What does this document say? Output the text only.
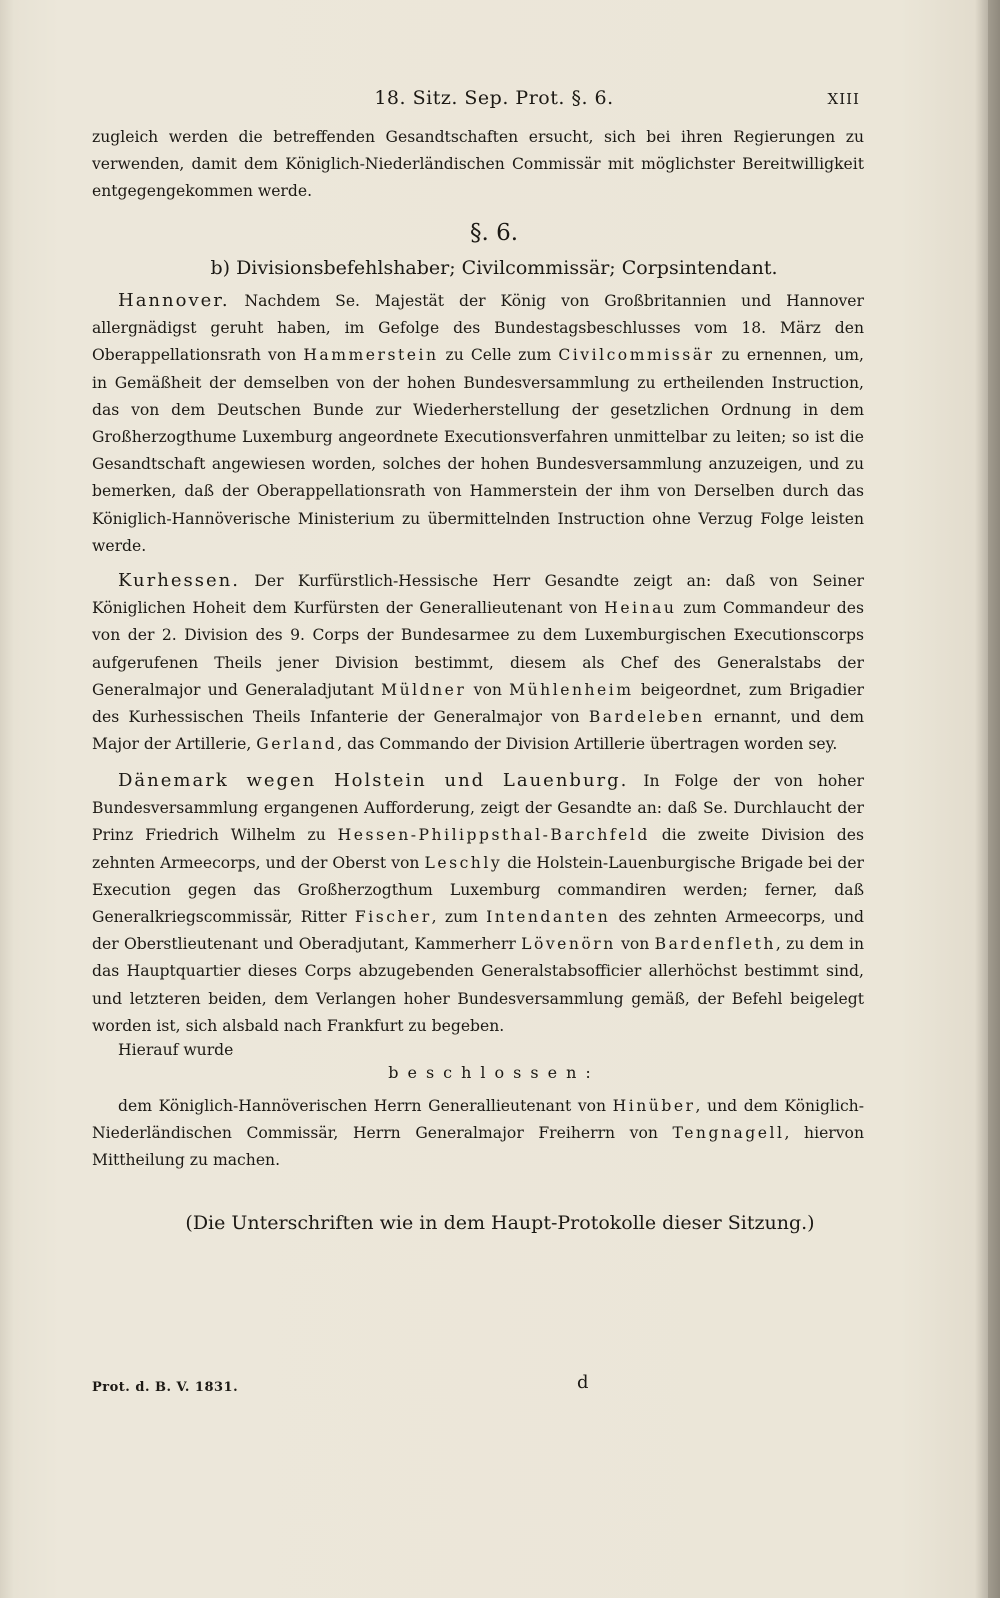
18. Sitz. Sep. Prot. §. 6.	XIII

zugleich werden die betreffenden Gesandtschaften ersucht, sich bei ihren Regierungen zu verwenden, damit dem Königlich-Niederländischen Commissär mit möglichster Bereitwilligkeit entgegengekommen werde.

§. 6.
b) Divisionsbefehlshaber; Civilcommissär; Corpsintendant.

Hannover. Nachdem Se. Majestät der König von Großbritannien und Hannover allergnädigst geruht haben, im Gefolge des Bundestagsbeschlusses vom 18. März den Oberappellationsrath von Hammerstein zu Celle zum Civilcommissär zu ernennen, um, in Gemäßheit der demselben von der hohen Bundesversammlung zu ertheilenden Instruction, das von dem Deutschen Bunde zur Wiederherstellung der gesetzlichen Ordnung in dem Großherzogthume Luxemburg angeordnete Executionsverfahren unmittelbar zu leiten; so ist die Gesandtschaft angewiesen worden, solches der hohen Bundesversammlung anzuzeigen, und zu bemerken, daß der Oberappellationsrath von Hammerstein der ihm von Derselben durch das Königlich-Hannöverische Ministerium zu übermittelnden Instruction ohne Verzug Folge leisten werde.

Kurhessen. Der Kurfürstlich-Hessische Herr Gesandte zeigt an: daß von Seiner Königlichen Hoheit dem Kurfürsten der Generallieutenant von Heinau zum Commandeur des von der 2. Division des 9. Corps der Bundesarmee zu dem Luxemburgischen Executionscorps aufgerufenen Theils jener Division bestimmt, diesem als Chef des Generalstabs der Generalmajor und Generaladjutant Müldner von Mühlenheim beigeordnet, zum Brigadier des Kurhessischen Theils Infanterie der Generalmajor von Bardeleben ernannt, und dem Major der Artillerie, Gerland, das Commando der Division Artillerie übertragen worden sey.

Dänemark wegen Holstein und Lauenburg. In Folge der von hoher Bundesversammlung ergangenen Aufforderung, zeigt der Gesandte an: daß Se. Durchlaucht der Prinz Friedrich Wilhelm zu Hessen-Philippsthal-Barchfeld die zweite Division des zehnten Armeecorps, und der Oberst von Leschly die Holstein-Lauenburgische Brigade bei der Execution gegen das Großherzogthum Luxemburg commandiren werden; ferner, daß Generalkriegscommissär, Ritter Fischer, zum Intendanten des zehnten Armeecorps, und der Oberstlieutenant und Oberadjutant, Kammerherr Lövenörn von Bardenfleth, zu dem in das Hauptquartier dieses Corps abzugebenden Generalstabsofficier allerhöchst bestimmt sind, und letzteren beiden, dem Verlangen hoher Bundesversammlung gemäß, der Befehl beigelegt worden ist, sich alsbald nach Frankfurt zu begeben.

Hierauf wurde

beschlossen:

dem Königlich-Hannöverischen Herrn Generallieutenant von Hinüber, und dem Königlich-Niederländischen Commissär, Herrn Generalmajor Freiherrn von Tengnagell, hiervon Mittheilung zu machen.

(Die Unterschriften wie in dem Haupt-Protokolle dieser Sitzung.)
Prot. d. B. V. 1831.	d
